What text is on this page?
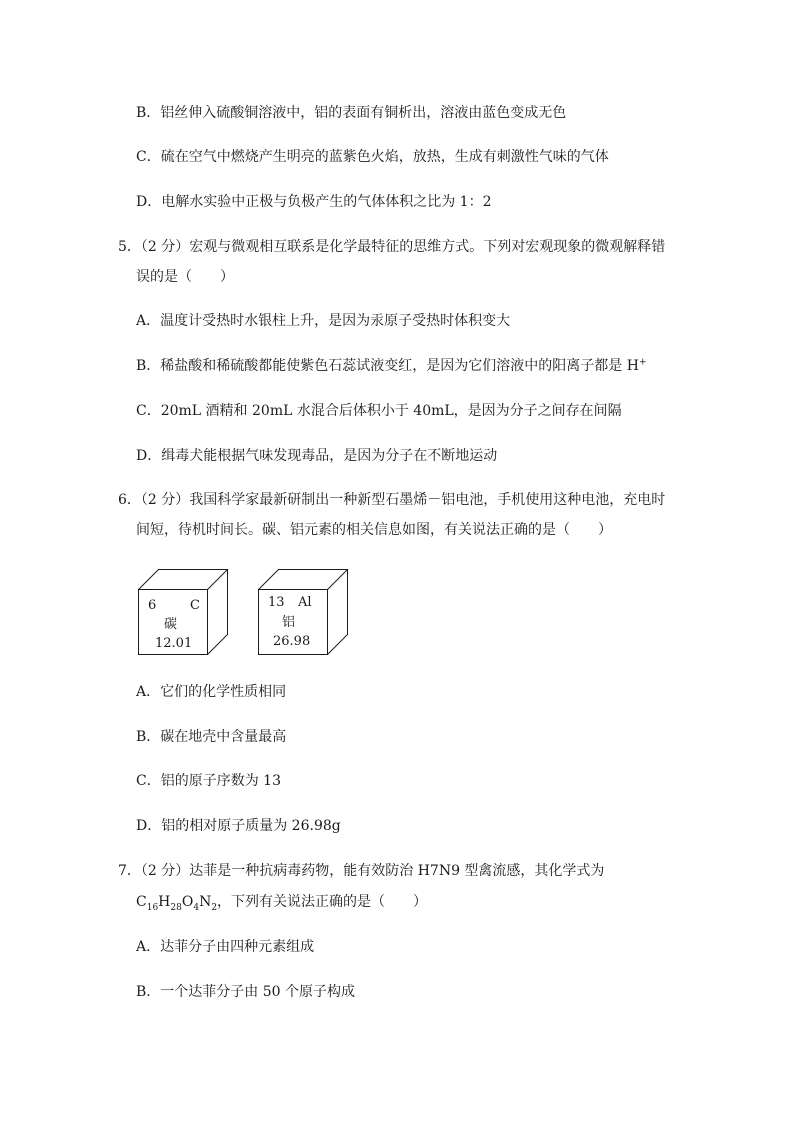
B．铝丝伸入硫酸铜溶液中，铝的表面有铜析出，溶液由蓝色变成无色
C．硫在空气中燃烧产生明亮的蓝紫色火焰，放热，生成有刺激性气味的气体
D．电解水实验中正极与负极产生的气体体积之比为 1：2
5．（2 分）宏观与微观相互联系是化学最特征的思维方式。下列对宏观现象的微观解释错
误的是（　　）
A．温度计受热时水银柱上升，是因为汞原子受热时体积变大
B．稀盐酸和稀硫酸都能使紫色石蕊试液变红，是因为它们溶液中的阳离子都是 H+
C．20mL 酒精和 20mL 水混合后体积小于 40mL，是因为分子之间存在间隔
D．缉毒犬能根据气味发现毒品，是因为分子在不断地运动
6．（2 分）我国科学家最新研制出一种新型石墨烯－铝电池，手机使用这种电池，充电时
间短，待机时间长。碳、铝元素的相关信息如图，有关说法正确的是（　　）
6	C
碳
12.01
13 Al
铝
26.98
A．它们的化学性质相同
B．碳在地壳中含量最高
C．铝的原子序数为 13
D．铝的相对原子质量为 26.98g
7．（2 分）达菲是一种抗病毒药物，能有效防治 H7N9 型禽流感，其化学式为
$C_{16}H_{28}O_4N_2$，下列有关说法正确的是（　　）
A．达菲分子由四种元素组成
B．一个达菲分子由 50 个原子构成
